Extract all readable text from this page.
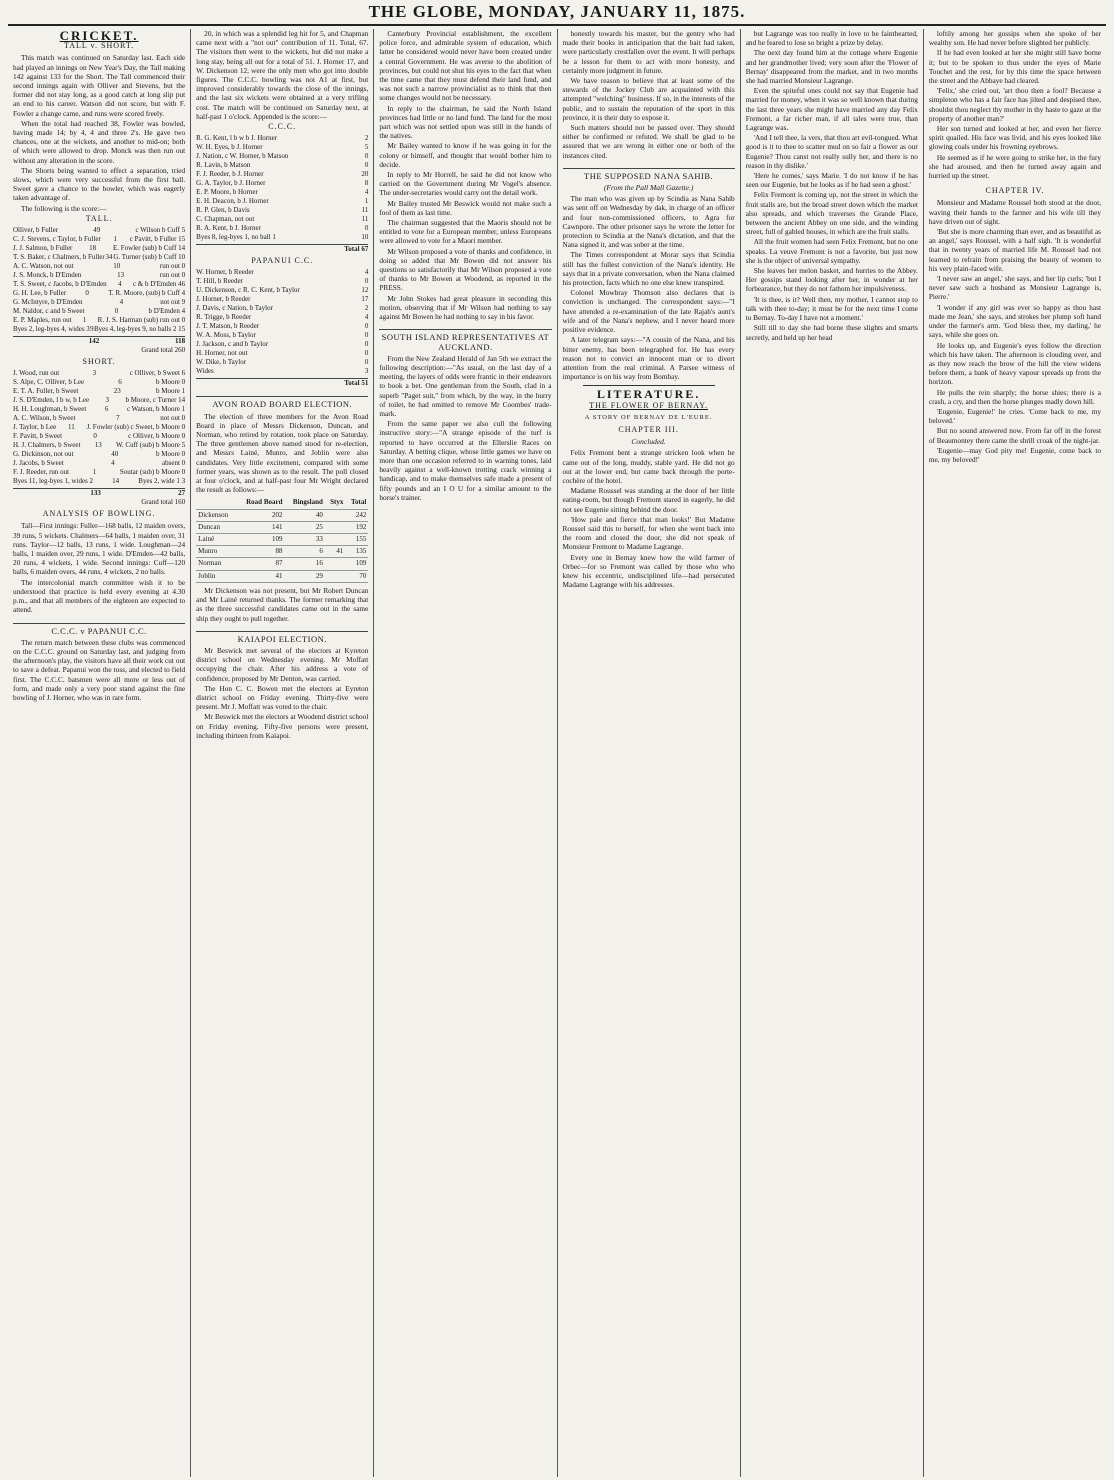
THE GLOBE, MONDAY, JANUARY 11, 1875.
CRICKET.
TALL v. SHORT.

This match was continued on Saturday last. Each side had played an innings on New Year's Day, the Tall making 142 against 133 for the Short. The Tall commenced their second innings again with Olliver and Stevens, but the former did not stay long, as a good catch at long slip put an end to his career. Watson did not score, but with F. Fowler a change came, and runs were scored freely.

When the total had reached 38, Fowler was bowled, having made 14; by 4, 4 and three 2's. He gave two chances, one at the wickets, and another to mid-on; both of which were allowed to drop. Monck was then run out without any alteration in the score.

The Shorts being wanted to effect a separation, tried slows, which were very successful from the first ball. Sweet gave a chance to the bowler, which was eagerly taken advantage of.

The following is the score:—

TALL.
Olliver, b Fuller	49	c Wilson b Cuff 5
C. J. Stevens, c Taylor, b Fuller 1 c Pavitt, b Fuller 15
J. J. Salmon, b Fuller 18 E. Fowler (sub) b Cuff 14
T. S. Baker, c Chalmers, b Fuller 34 G. Turner (sub) b Cuff 10
A. C. Watson, not out	10	run out 0
J. S. Monck, b D'Emden	13	run out 0
T. S. Sweet, c Jacobs, b D'Emden 4 c & b D'Emden 46
G. H. Lee, b Fuller	0	T. R. Moore, (sub) b Cuff 4
G. McIntyre, b D'Emden	4	not out 9
M. Naldor, c and b Sweet	0	b D'Emden 4
E. P. Maples, run out 1 R. J. S. Harman (sub) run out 0
Byes 2, leg-byes 4, wides 3 9 Byes 4, leg-byes 9, no balls 2 15
142	118
Grand total 260
SHORT.
J. Wood, run out	3	c Olliver, b Sweet 6
S. Alpe, C. Olliver, b Lee	6	b Moore 0
E. T. A. Fuller, b Sweet	23	b Moore 1
J. S. D'Emden, l b w, b Lee 3 b Moore, c Turner 14
H. H. Loughman, b Sweet	6	c Watson, b Moore 1
A. C. Wilson, b Sweet	7	not out 0
J. Taylor, b Lee 11 J. Fowler (sub) c Sweet, b Moore 0
F. Pavitt, b Sweet	0	c Olliver, b Moore 0
H. J. Chalmers, b Sweet 13 W. Cuff (sub) b Moore 5
G. Dickinson, not out	40	b Moore 0
J. Jacobs, b Sweet	4	absent 0
F. J. Reeder, run out	1	Soutar (sub) b Moore 0
Byes 11, leg-byes 1, wides 2	14	Byes 2, wide 1 3
133	27
Grand total 160
ANALYSIS OF BOWLING.

Tall—First innings: Fuller—168 balls, 12 maiden overs, 39 runs, 5 wickets. Chalmers—64 balls, 1 maiden over, 31 runs. Taylor—12 balls, 13 runs, 1 wide. Loughman—24 balls, 1 maiden over, 29 runs, 1 wide. D'Emden—42 balls, 20 runs, 4 wickets, 1 wide. Second innings: Cuff—120 balls, 6 maiden overs, 44 runs, 4 wickets, 2 no balls.

The intercolonial match committee wish it to be understood that practice is held every evening at 4.30 p.m., and that all members of the eighteen are expected to attend.

C.C.C. v PAPANUI C.C.

The return match between these clubs was commenced on the C.C.C. ground on Saturday last, and judging from the afternoon's play, the visitors have all their work cut out to save a defeat. Papanui won the toss, and elected to field first. The C.C.C. batsmen were all more or less out of form, and made only a very poor stand against the fine bowling of J. Horner, who was in rare form.

20, in which was a splendid leg hit for 5, and Chapman came next with a "not out" contribution of 11. Total, 67. The visitors then went to the wickets, but did not make a long stay, being all out for a total of 51. J. Horner 17, and W. Dickenson 12, were the only men who got into double figures. The C.C.C. bowling was not A1 at first, but improved considerably towards the close of the innings, and the last six wickets were obtained at a very trifling cost. The match will be continued on Saturday next, at half-past 1 o'clock. Appended is the score:—

C.C.C.
R. G. Kent, l b w b J. Horner	2
W. H. Eyes, b J. Horner	5
J. Nation, c W. Horner, b Matson	0
R. Lavin, b Matson	0
F. J. Reeder, b J. Horner	20
G. A. Taylor, b J. Horner	8
E. P. Moore, b Horner	4
E. H. Deacon, b J. Horner	1
R. P. Glen, b Davis	11
C. Chapman, not out	11
R. A. Kent, b J. Horner	0
Byes 8, leg-byes 1, no ball 1	10
Total 67
PAPANUI C.C.
W. Horner, b Reeder	4
T. Hill, b Reeder	0
U. Dickenson, c R. C. Kent, b Taylor	12
J. Horner, b Reeder	17
J. Davis, c Nation, b Taylor	2
R. Trigge, b Reeder	4
J. T. Matson, b Reeder	0
W. A. Moss, b Taylor	0
J. Jackson, c and b Taylor	0
H. Horner, not out	0
W. Dike, b Taylor	0
Wides	3
Total 51
AVON ROAD BOARD ELECTION.

The election of three members for the Avon Road Board in place of Messrs Dickenson, Duncan, and Norman, who retired by rotation, took place on Saturday. The three gentlemen above named stood for re-election, and Messrs Lainé, Munro, and Joblin were also candidates. Very little excitement, compared with some former years, was shown as to the result. The poll closed at four o'clock, and at half-past four Mr Wright declared the result as follows:—

	Road Board	Bingsland	Styx	Total
Dickenson	202	40		242
Duncan	141	25		192
Lainé	109	33		155
Munro	88	6	41	135
Norman	87	16		109
Joblin	41	29		70

Mr Dickenson was not present, but Mr Robert Duncan and Mr Lainé returned thanks. The former remarking that as the three successful candidates came out in the same ship they ought to pull together.

KAIAPOI ELECTION.

Mr Beswick met several of the electors at Kyreton district school on Wednesday evening. Mr Moffatt occupying the chair. After his address a vote of confidence, proposed by Mr Denton, was carried.

The Hon C. C. Bowen met the electors at Eyreton district school on Friday evening. Thirty-five were present. Mr J. Moffatt was voted to the chair.

Mr Beswick met the electors at Woodend district school on Friday evening. Fifty-five persons were present, including thirteen from Kaiapoi.

Canterbury Provincial establishment, the excellent police force, and admirable system of education, which latter he considered would never have been created under a central Government. He was averse to the abolition of provinces, but could not shut his eyes to the fact that when the time came that they must defend their land fund, and was not such a narrow provincialist as to think that then some changes would not be necessary.

In reply to the chairman, he said the North Island provinces had little or no land fund. The land for the most part which was not settled upon was still in the hands of the natives.

Mr Bailey wanted to know if he was going in for the colony or himself, and thought that would bother him to decide.

In reply to Mr Horrell, he said he did not know who carried on the Government during Mr Vogel's absence. The under-secretaries would carry out the detail work.

Mr Bailey trusted Mr Beswick would not make such a fool of them as last time.

The chairman suggested that the Maoris should not be entitled to vote for a European member, unless Europeans were allowed to vote for a Maori member.

Mr Wilson proposed a vote of thanks and confidence, in doing so added that Mr Bowen did not answer his questions so satisfactorily that Mr Wilson proposed a vote of thanks to Mr Bowen at Woodend, as reported in the PRESS.

Mr John Stokes had great pleasure in seconding this motion, observing that if Mr Wilson had nothing to say against Mr Bowen he had nothing to say in his favor.

SOUTH ISLAND REPRESENTATIVES AT AUCKLAND.

From the New Zealand Herald of Jan 5th we extract the following description:—"As usual, on the last day of a meeting, the layers of odds were frantic in their endeavors to book a bet. One gentleman from the South, clad in a superb "Paget suit," from which, by the way, in the hurry of toilet, he had omitted to remove Mr Coombes' trade-mark.

From the same paper we also cull the following instructive story:—"A strange episode of the turf is reported to have occurred at the Ellerslie Races on Saturday. A betting clique, whose little games we have on more than one occasion referred to in warning tones, laid heavily against a well-known trotting crack winning a handicap, and to make themselves safe made a present of fifty pounds and an I O U for a similar amount to the horse's trainer.

honestly towards his master, but the gentry who had made their books in anticipation that the bait had taken, were particularly crestfallen over the event. It will perhaps be a lesson for them to act with more honesty, and certainly more judgment in future.

We have reason to believe that at least some of the stewards of the Jockey Club are acquainted with this attempted "welching" business. If so, in the interests of the public, and to sustain the reputation of the sport in this province, it is their duty to expose it.

Such matters should not be passed over. They should either be confirmed or refuted. We shall be glad to be assured that we are wrong in either one or both of the instances cited.

THE SUPPOSED NANA SAHIB.
(From the Pall Mall Gazette.)

The man who was given up by Scindia as Nana Sahib was sent off on Wednesday by dak, in charge of an officer and four non-commissioned officers, to Agra for Cawnpore. The other prisoner says he wrote the letter for protection to Scindia at the Nana's dictation, and that the Nana signed it, and was sober at the time.

The Times correspondent at Morar says that Scindia still has the fullest conviction of the Nana's identity. He says that in a private conversation, when the Nana claimed his protection, facts which no one else knew transpired.

Colonel Mowbray Thomson also declares that is conviction is unchanged. The correspondent says:—"I have attended a re-examination of the late Rajah's aunt's wife and of the Nana's nephew, and I never heard more positive evidence.

A later telegram says:—"A cousin of the Nana, and his bitter enemy, has been telegraphed for. He has every reason not to convict an innocent man or to divert attention from the real criminal. A Parsee witness of importance is on his way from Bombay.

LITERATURE.
THE FLOWER OF BERNAY.
A STORY OF BERNAY DE L'EURE.
CHAPTER III.
Concluded.

Felix Fremont bent a strange stricken look when he came out of the long, muddy, stable yard. He did not go out at the lower end, but came back through the porte-cochère of the hotel.

Madame Roussel was standing at the door of her little eating-room, but though Fremont stared in eagerly, he did not see Eugenie sitting behind the door.

'How pale and fierce that man looks!' But Madame Roussel said this to herself, for when she went back into the room and closed the door, she did not speak of Monsieur Fremont to Madame Lagrange.

Every one in Bernay knew how the wild farmer of Orbec—for so Fremont was called by those who who knew his eccentric, undisciplined life—had persecuted Madame Lagrange with his addresses.

but Lagrange was too really in love to be fainthearted, and he feared to lose so bright a prize by delay.

The next day found him at the cottage where Eugenie and her grandmother lived; very soon after the 'Flower of Bernay' disappeared from the market, and in two months she had married Monsieur Lagrange.

Even the spiteful ones could not say that Eugenie had married for money, when it was so well known that during the last three years she might have married any day Felix Fremont, a far richer man, if all tales were true, than Lagrange was.

'And I tell thee, la vers, that thou art evil-tongued. What good is it to thee to scatter mud on so fair a flower as our Eugenie? Thou canst not really sully her, and there is no reason in thy dislike.'

'Here he comes,' says Marie. 'I do not know if he has seen our Eugenie, but he looks as if he had seen a ghost.'

Felix Fremont is coming up, not the street in which the fruit stalls are, but the broad street down which the market also spreads, and which traverses the Grande Place, between the ancient Abbey on one side, and the winding street, full of gabled houses, in which are the fruit stalls.

All the fruit women had seen Felix Fremont, but no one speaks. La veuve Fremont is not a favorite, but just now she is the object of universal sympathy.

She leaves her melon basket, and hurries to the Abbey. Her gossips stand looking after her, in wonder at her forbearance, but they do not fathom her impulsiveness.

'It is thee, is it? Well then, my mother, I cannot stop to talk with thee to-day; it must be for the next time I come to Bernay. To-day I have not a moment.'

Still till to day she had borne these slights and smarts secretly, and held up her head

loftily among her gossips when she spoke of her wealthy son. He had never before slighted her publicly.

If he had even looked at her she might still have borne it; but to be spoken to thus under the eyes of Marie Touchet and the rest, for by this time the space between the street and the Abbaye had cleared.

'Felix,' she cried out, 'art thou then a fool? Because a simpleton who has a fair face has jilted and despised thee, shouldst thou neglect thy mother in thy haste to gaze at the property of another man?'

Her son turned and looked at her, and even her fierce spirit quailed. His face was livid, and his eyes looked like glowing coals under his frowning eyebrows.

He seemed as if he were going to strike her, in the fury she had aroused, and then he turned away again and hurried up the street.

CHAPTER IV.

Monsieur and Madame Roussel both stood at the door, waving their hands to the farmer and his wife till they have driven out of sight.

'But she is more charming than ever, and as beautiful as an angel,' says Roussel, with a half sigh. 'It is wonderful that in twenty years of married life M. Roussel had not learned to refrain from praising the beauty of women to his very plain-faced wife.

'I never saw an angel,' she says, and her lip curls; 'but I never saw such a husband as Monsieur Lagrange is, Pierre.'

'I wonder if any girl was ever so happy as thou hast made me Jean,' she says, and strokes her plump soft hand under the farmer's arm. 'God bless thee, my darling,' he says, while she goes on.

He looks up, and Eugenie's eyes follow the direction which his have taken. The afternoon is clouding over, and as they now reach the brow of the hill the view widens before them, a bank of heavy vapour spreads up from the horizon.

He pulls the rein sharply; the horse shies; there is a crash, a cry, and then the horse plunges madly down hill.

'Eugenie, Eugenie!' he cries. 'Come back to me, my beloved.'

But no sound answered now. From far off in the forest of Beaumontey there came the shrill croak of the night-jar.

'Eugenie—may God pity me! Eugenie, come back to me, my beloved!'
